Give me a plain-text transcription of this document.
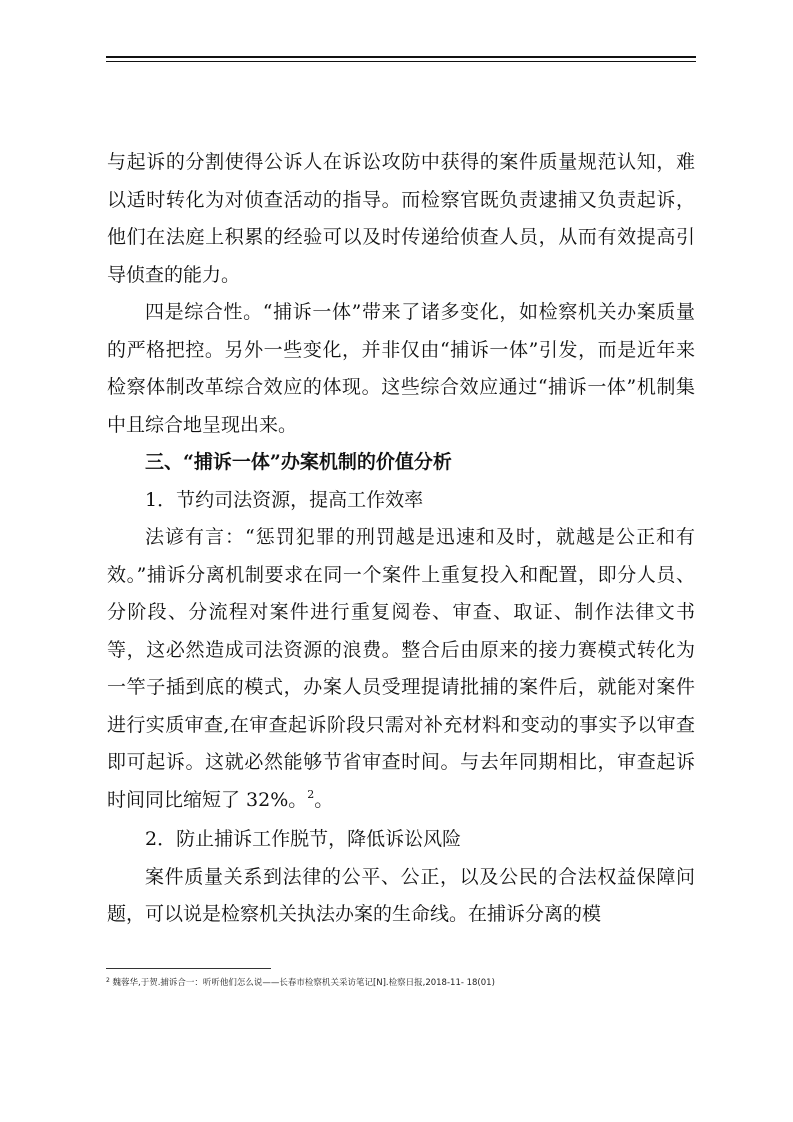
与起诉的分割使得公诉人在诉讼攻防中获得的案件质量规范认知，难以适时转化为对侦查活动的指导。而检察官既负责逮捕又负责起诉，他们在法庭上积累的经验可以及时传递给侦查人员，从而有效提高引导侦查的能力。

四是综合性。“捕诉一体”带来了诸多变化，如检察机关办案质量的严格把控。另外一些变化，并非仅由“捕诉一体”引发，而是近年来检察体制改革综合效应的体现。这些综合效应通过“捕诉一体”机制集中且综合地呈现出来。

三、“捕诉一体”办案机制的价值分析

1．节约司法资源，提高工作效率

法谚有言：“惩罚犯罪的刑罚越是迅速和及时，就越是公正和有效。”捕诉分离机制要求在同一个案件上重复投入和配置，即分人员、分阶段、分流程对案件进行重复阅卷、审查、取证、制作法律文书等，这必然造成司法资源的浪费。整合后由原来的接力赛模式转化为一竿子插到底的模式，办案人员受理提请批捕的案件后，就能对案件进行实质审查,在审查起诉阶段只需对补充材料和变动的事实予以审查即可起诉。这就必然能够节省审查时间。与去年同期相比，审查起诉时间同比缩短了 32%。$^2$。

2．防止捕诉工作脱节，降低诉讼风险

案件质量关系到法律的公平、公正，以及公民的合法权益保障问题，可以说是检察机关执法办案的生命线。在捕诉分离的模

$^2$ 魏蓉华,于贺.捕诉合一：听听他们怎么说——长春市检察机关采访笔记[N].检察日报,2018-11- 18(01)
